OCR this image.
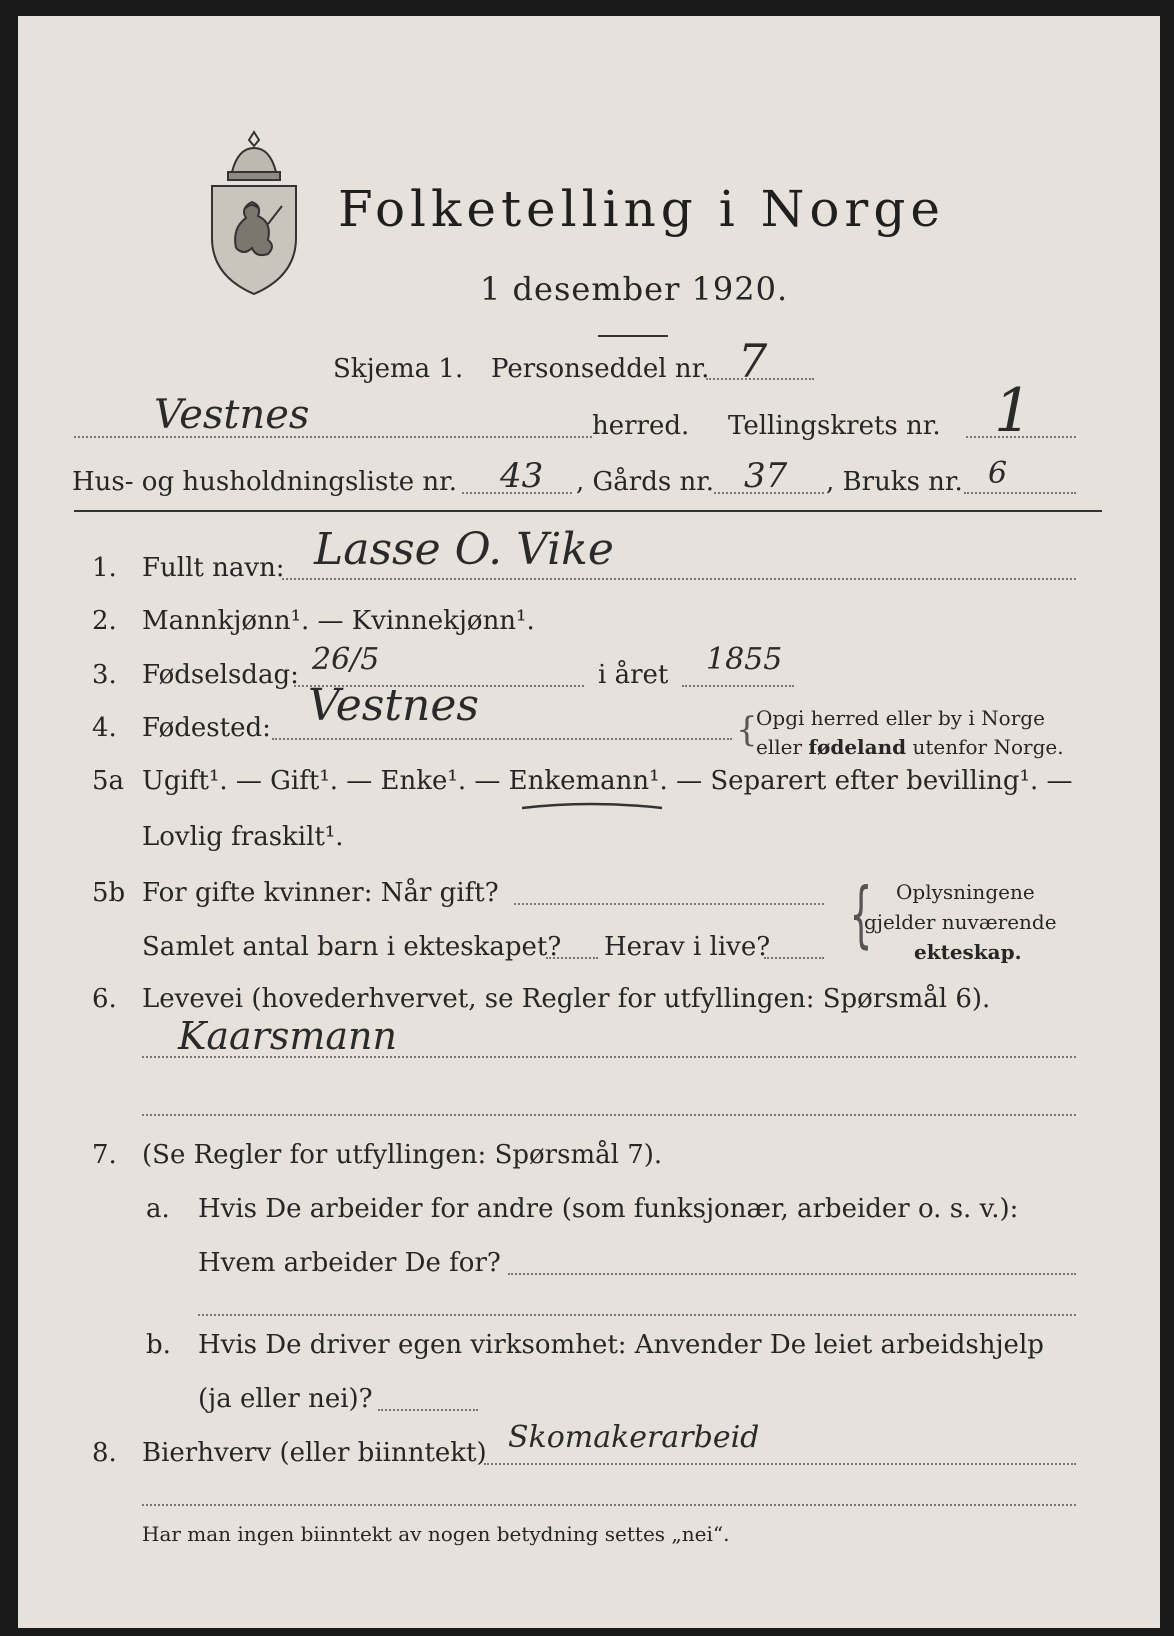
Folketelling i Norge
1 desember 1920.
Skjema 1. Personseddel nr. 7
Vestnes	herred. Tellingskrets nr. 1
Hus- og husholdningsliste nr. 43 , Gårds nr. 37 , Bruks nr. 6
1. Fullt navn: Lasse O. Vike
2. Mannkjønn¹. — Kvinnekjønn¹.
3. Fødselsdag: 26/5	i året 1855
4. Fødested: Vestnes	{
Opgi herred eller by i Norge
eller fødeland utenfor Norge.
5a Ugift¹. — Gift¹. — Enke¹. — Enkemann¹. — Separert efter bevilling¹. —
Lovlig fraskilt¹.
5b For gifte kvinner: Når gift?
Samlet antal barn i ekteskapet? Herav i live? { Oplysningene
gjelder nuværende
ekteskap.
6. Levevei (hovederhvervet, se Regler for utfyllingen: Spørsmål 6).
Kaarsmann
7. (Se Regler for utfyllingen: Spørsmål 7).
a. Hvis De arbeider for andre (som funksjonær, arbeider o. s. v.):
Hvem arbeider De for?
b. Hvis De driver egen virksomhet: Anvender De leiet arbeidshjelp
(ja eller nei)?
8. Bierhverv (eller biinntekt) Skomakerarbeid
Har man ingen biinntekt av nogen betydning settes „nei“.
